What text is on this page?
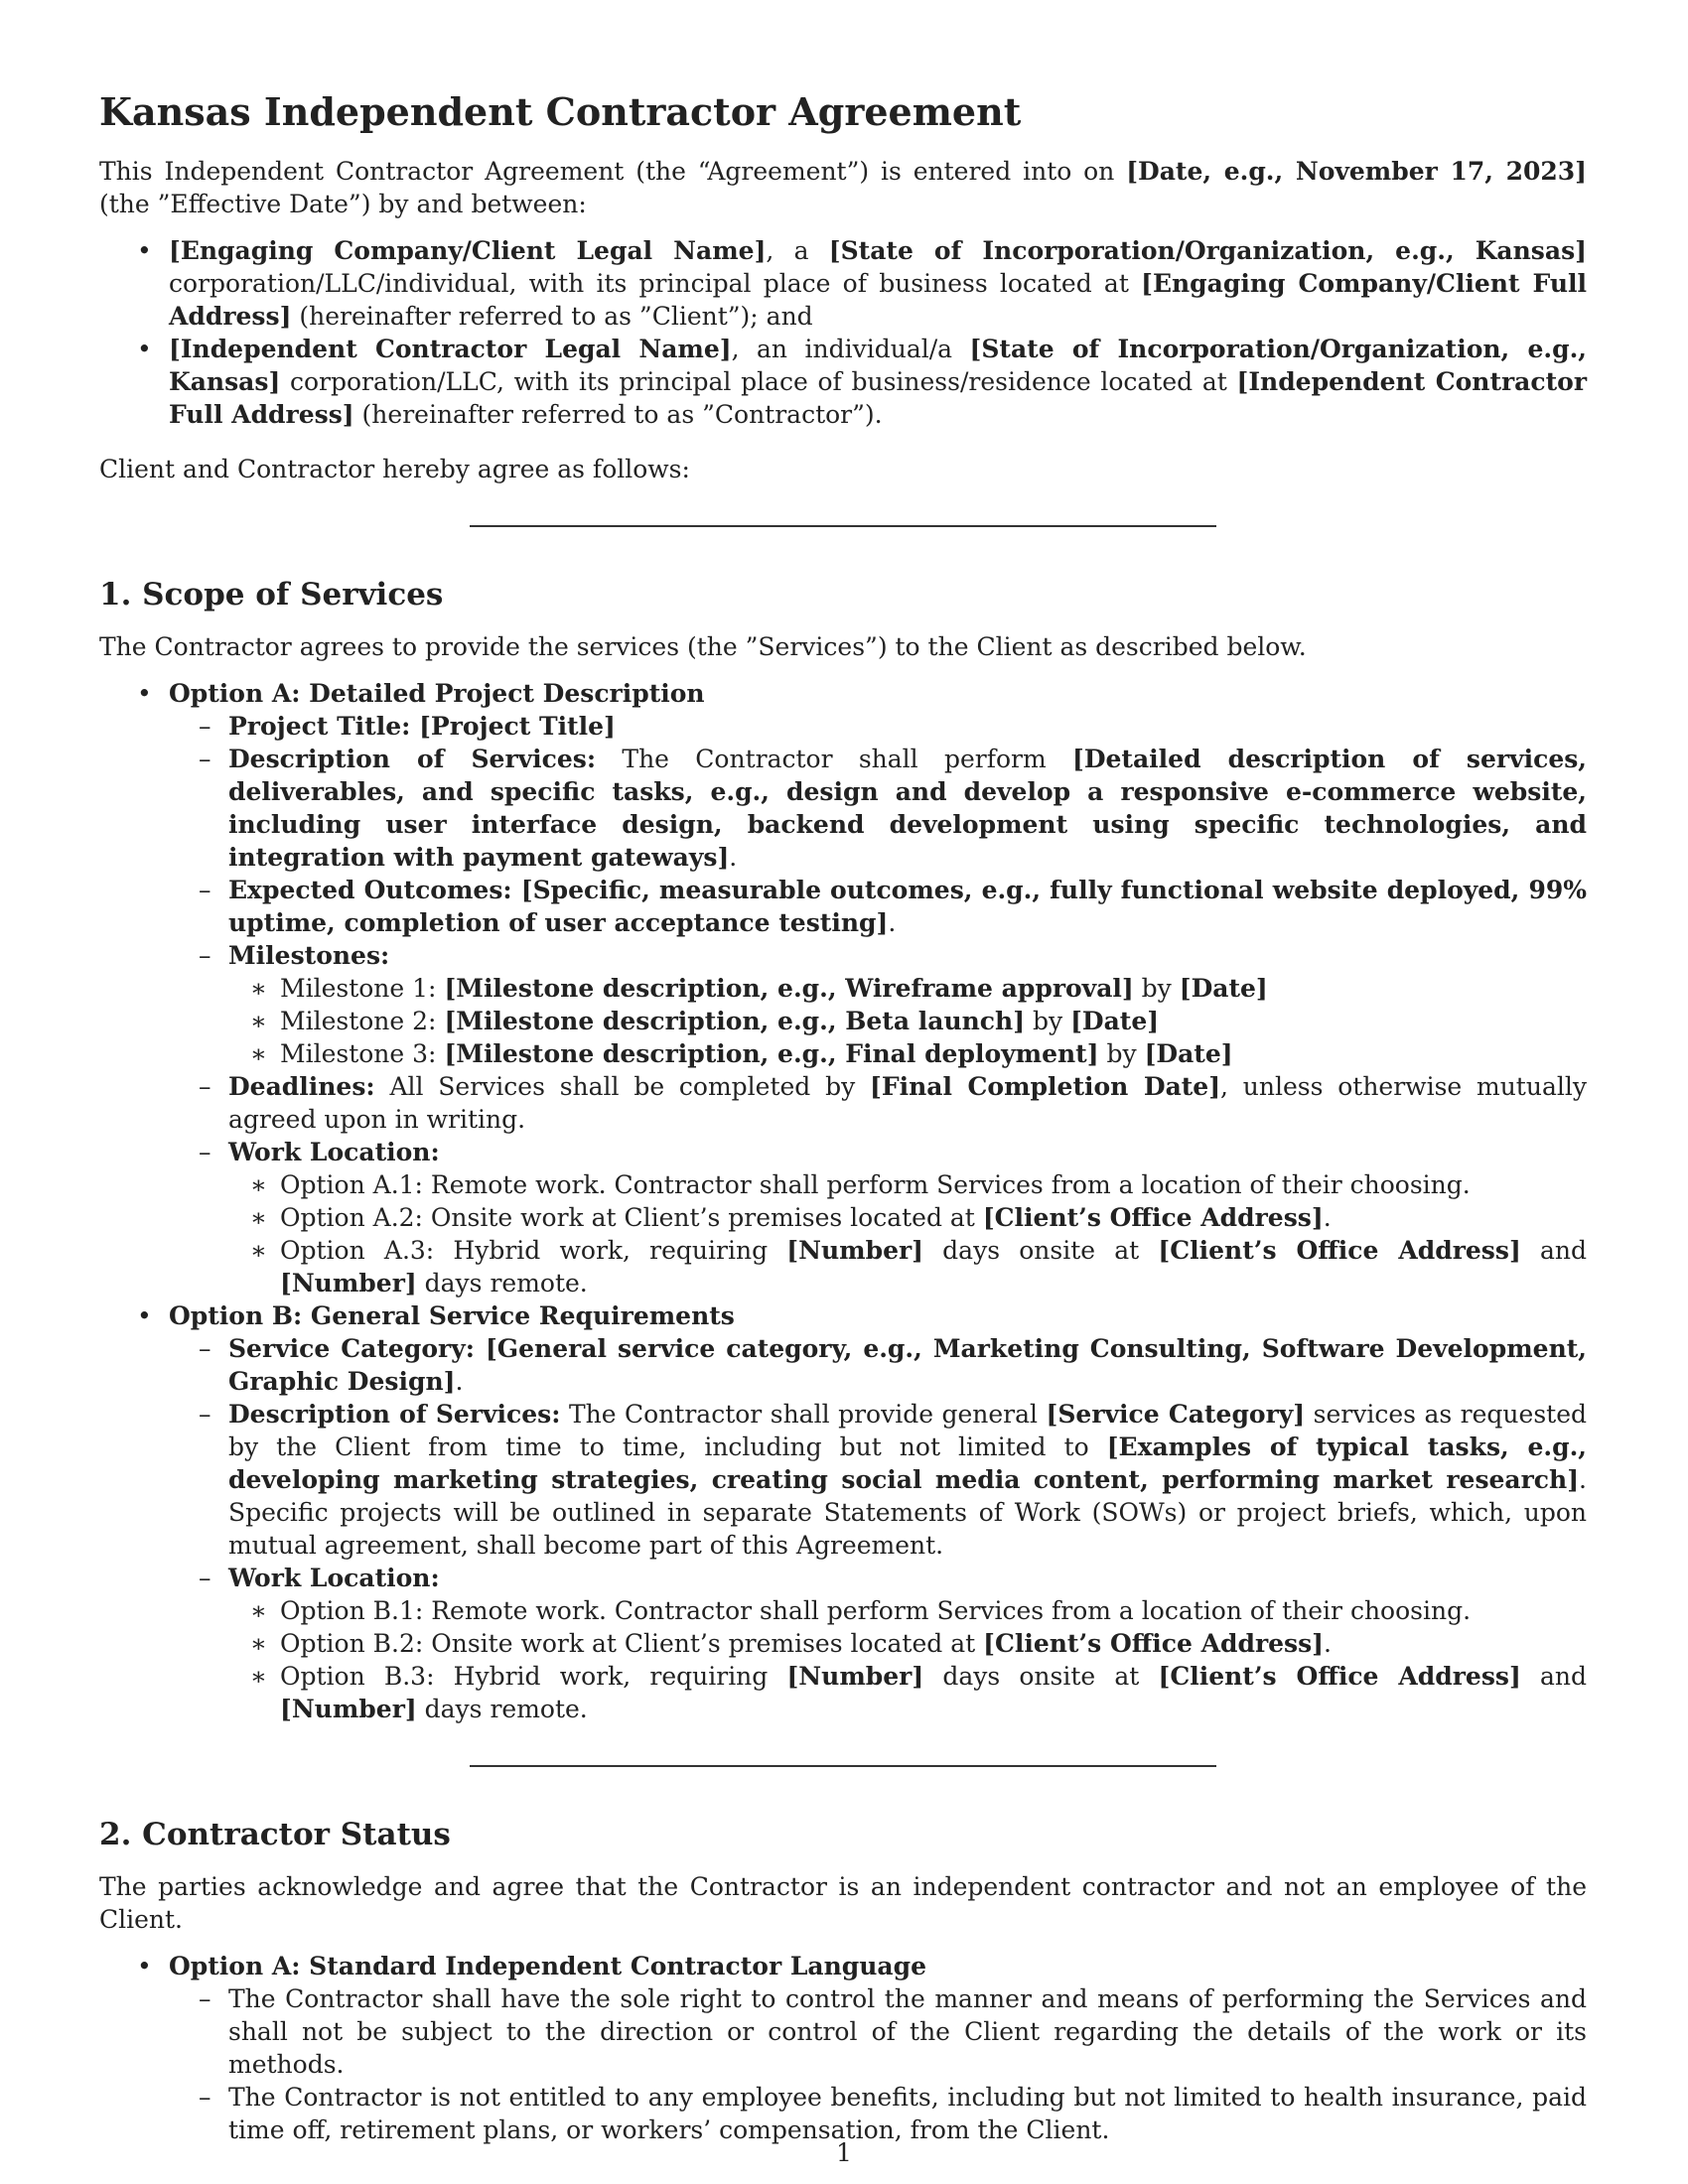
Kansas Independent Contractor Agreement

This Independent Contractor Agreement (the “Agreement”) is entered into on [Date, e.g., November 17, 2023] (the ”Effective Date”) by and between:

• [Engaging Company/Client Legal Name], a [State of Incorporation/Organization, e.g., Kansas] corporation/LLC/individual, with its principal place of business located at [Engaging Company/Client Full Address] (hereinafter referred to as ”Client”); and
• [Independent Contractor Legal Name], an individual/a [State of Incorporation/Organization, e.g., Kansas] corporation/LLC, with its principal place of business/residence located at [Independent Contractor Full Address] (hereinafter referred to as ”Contractor”).

Client and Contractor hereby agree as follows:

1. Scope of Services

The Contractor agrees to provide the services (the ”Services”) to the Client as described below.

• Option A: Detailed Project Description
– Project Title: [Project Title]
– Description of Services: The Contractor shall perform [Detailed description of services, deliverables, and specific tasks, e.g., design and develop a responsive e-commerce website, including user interface design, backend development using specific technologies, and integration with payment gateways].
– Expected Outcomes: [Specific, measurable outcomes, e.g., fully functional website deployed, 99% uptime, completion of user acceptance testing].
– Milestones:
∗ Milestone 1: [Milestone description, e.g., Wireframe approval] by [Date]
∗ Milestone 2: [Milestone description, e.g., Beta launch] by [Date]
∗ Milestone 3: [Milestone description, e.g., Final deployment] by [Date]
– Deadlines: All Services shall be completed by [Final Completion Date], unless otherwise mutually agreed upon in writing.
– Work Location:
∗ Option A.1: Remote work. Contractor shall perform Services from a location of their choosing.
∗ Option A.2: Onsite work at Client’s premises located at [Client’s Office Address].
∗ Option A.3: Hybrid work, requiring [Number] days onsite at [Client’s Office Address] and [Number] days remote.
• Option B: General Service Requirements
– Service Category: [General service category, e.g., Marketing Consulting, Software Development, Graphic Design].
– Description of Services: The Contractor shall provide general [Service Category] services as requested by the Client from time to time, including but not limited to [Examples of typical tasks, e.g., developing marketing strategies, creating social media content, performing market research]. Specific projects will be outlined in separate Statements of Work (SOWs) or project briefs, which, upon mutual agreement, shall become part of this Agreement.
– Work Location:
∗ Option B.1: Remote work. Contractor shall perform Services from a location of their choosing.
∗ Option B.2: Onsite work at Client’s premises located at [Client’s Office Address].
∗ Option B.3: Hybrid work, requiring [Number] days onsite at [Client’s Office Address] and [Number] days remote.
2. Contractor Status

The parties acknowledge and agree that the Contractor is an independent contractor and not an employee of the Client.

• Option A: Standard Independent Contractor Language
– The Contractor shall have the sole right to control the manner and means of performing the Services and shall not be subject to the direction or control of the Client regarding the details of the work or its methods.
– The Contractor is not entitled to any employee benefits, including but not limited to health insurance, paid time off, retirement plans, or workers’ compensation, from the Client.
1
